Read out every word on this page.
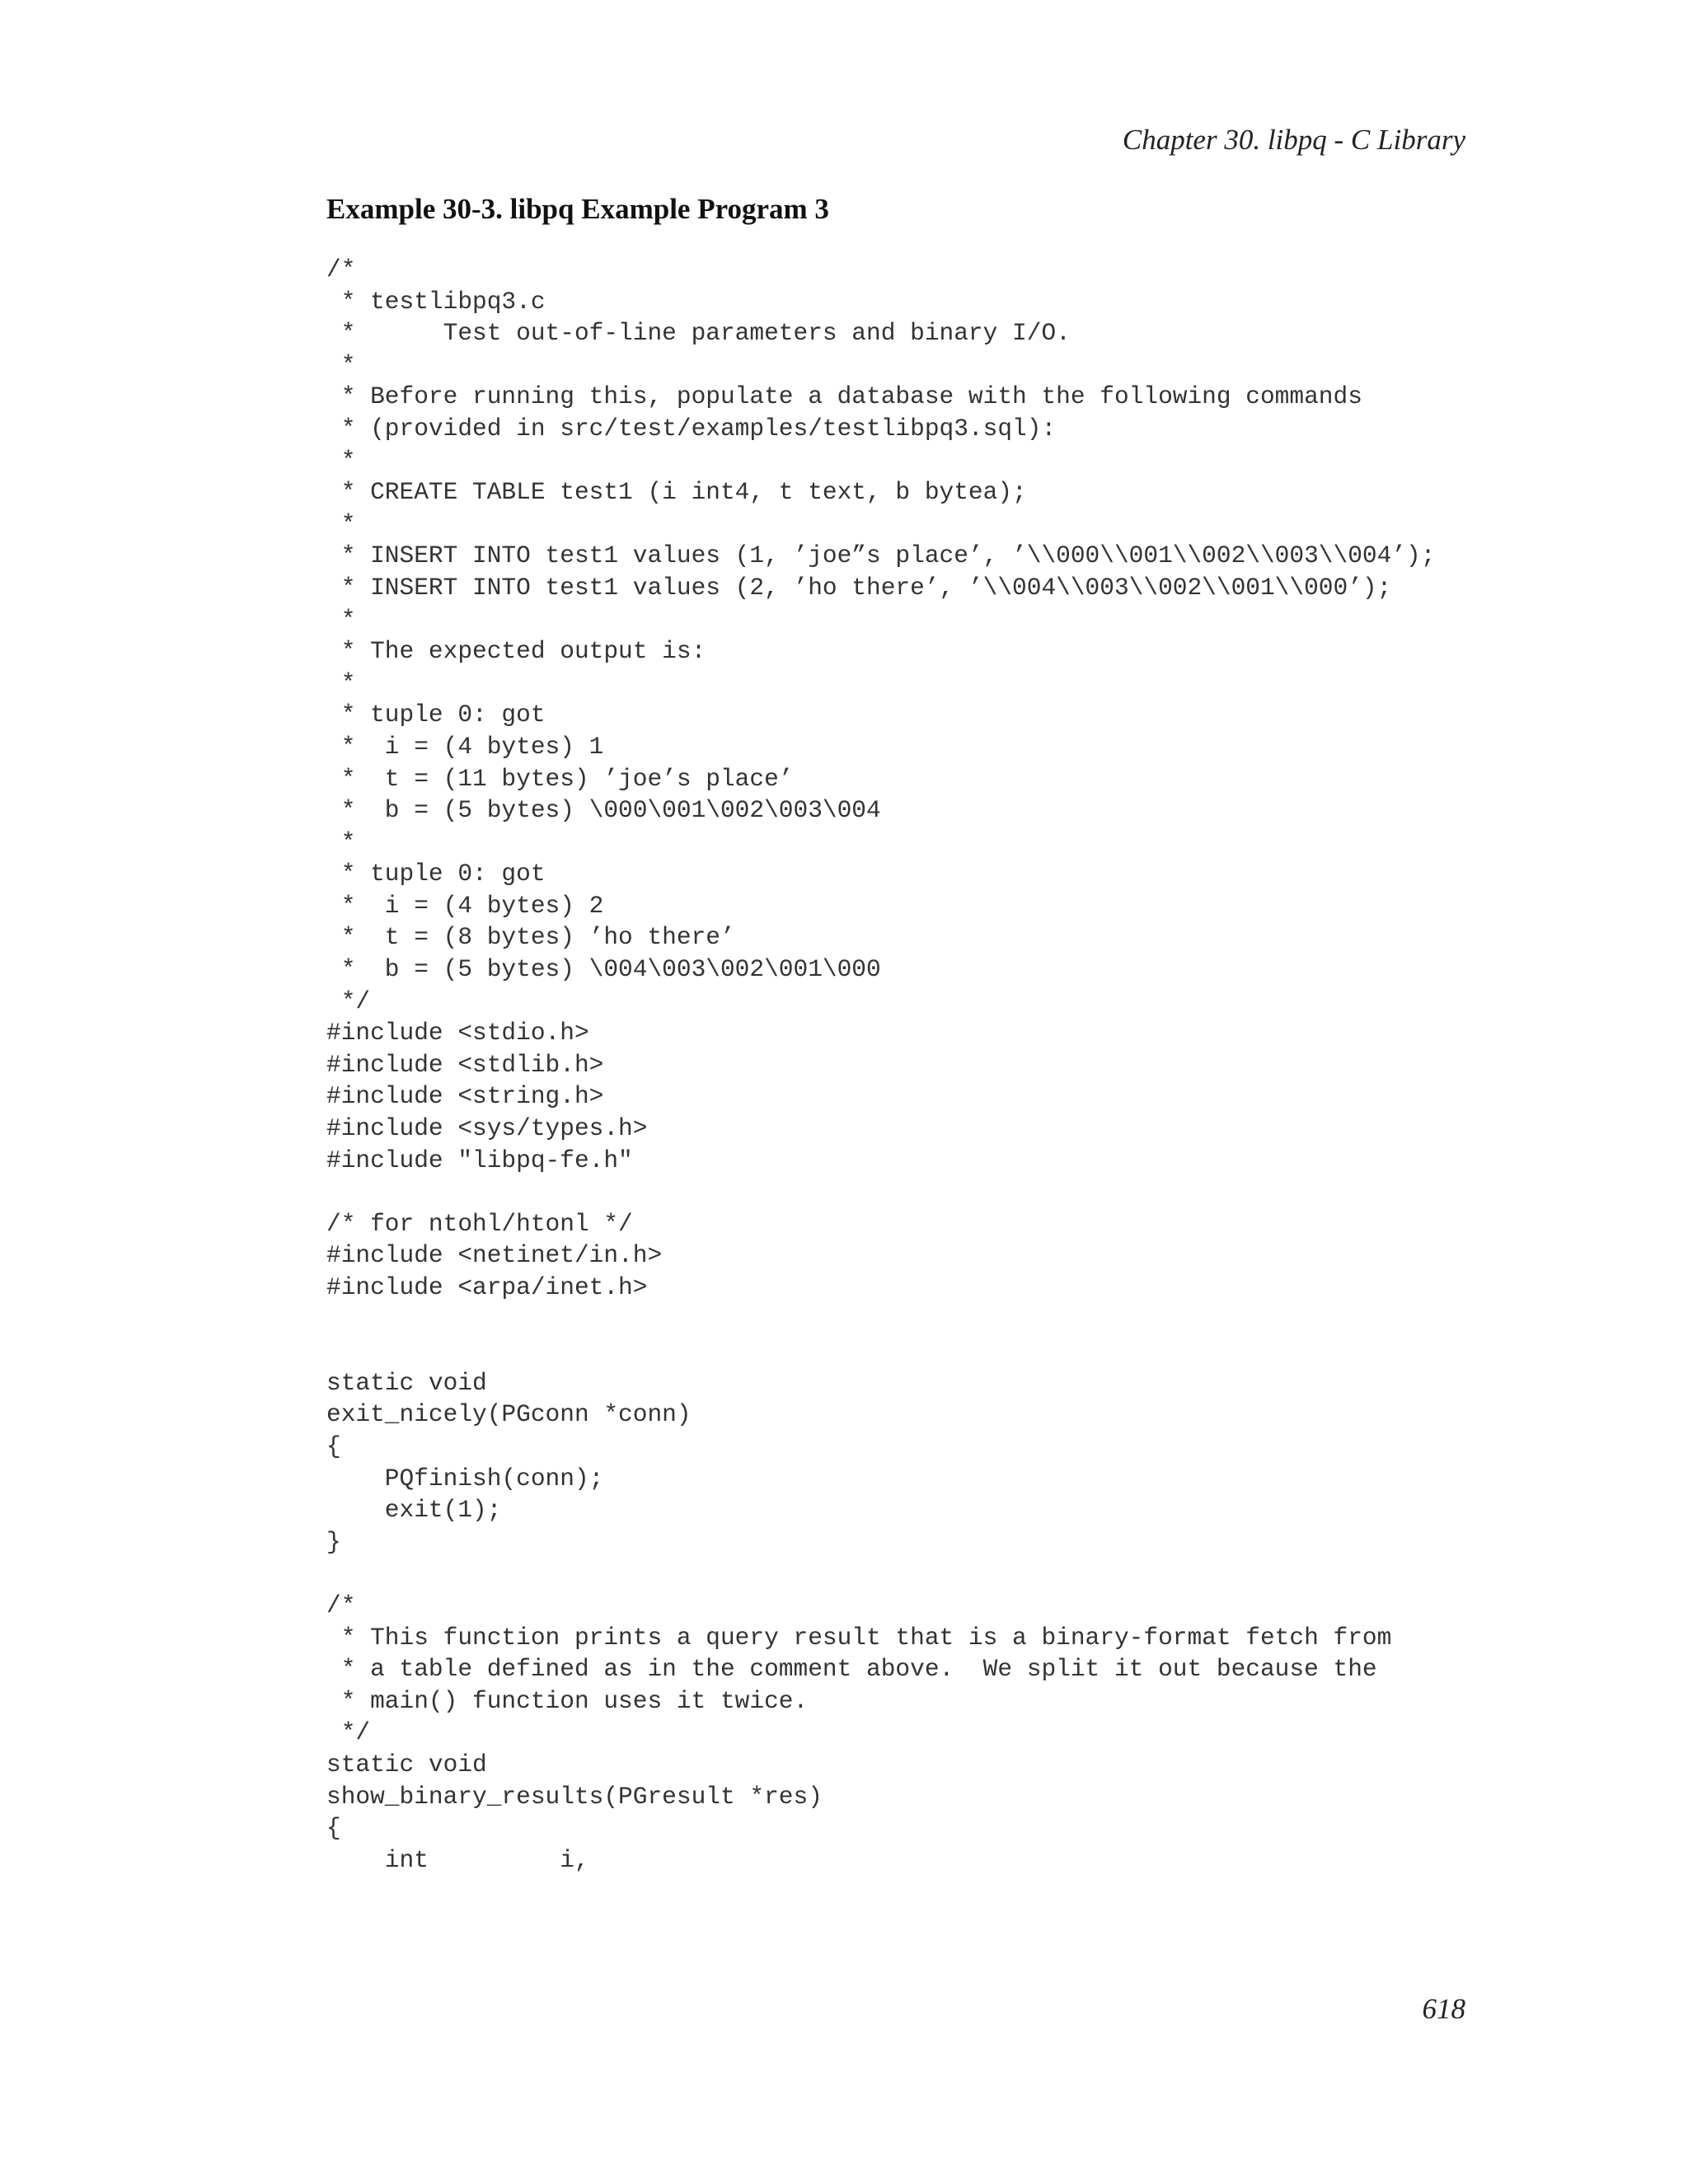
Chapter 30. libpq - C Library
Example 30-3. libpq Example Program 3
/*
* testlibpq3.c
*      Test out-of-line parameters and binary I/O.
*
* Before running this, populate a database with the following commands
* (provided in src/test/examples/testlibpq3.sql):
*
* CREATE TABLE test1 (i int4, t text, b bytea);
*
* INSERT INTO test1 values (1, ’joe”s place’, ’\\000\\001\\002\\003\\004’);
* INSERT INTO test1 values (2, ’ho there’, ’\\004\\003\\002\\001\\000’);
*
* The expected output is:
*
* tuple 0: got
*  i = (4 bytes) 1
*  t = (11 bytes) ’joe’s place’
*  b = (5 bytes) \000\001\002\003\004
*
* tuple 0: got
*  i = (4 bytes) 2
*  t = (8 bytes) ’ho there’
*  b = (5 bytes) \004\003\002\001\000
*/
#include <stdio.h>
#include <stdlib.h>
#include <string.h>
#include <sys/types.h>
#include "libpq-fe.h"
/* for ntohl/htonl */
#include <netinet/in.h>
#include <arpa/inet.h>
static void
exit_nicely(PGconn *conn)
{
PQfinish(conn);
exit(1);
}
/*
* This function prints a query result that is a binary-format fetch from
* a table defined as in the comment above.  We split it out because the
* main() function uses it twice.
*/
static void
show_binary_results(PGresult *res)
{
int         i,
618
